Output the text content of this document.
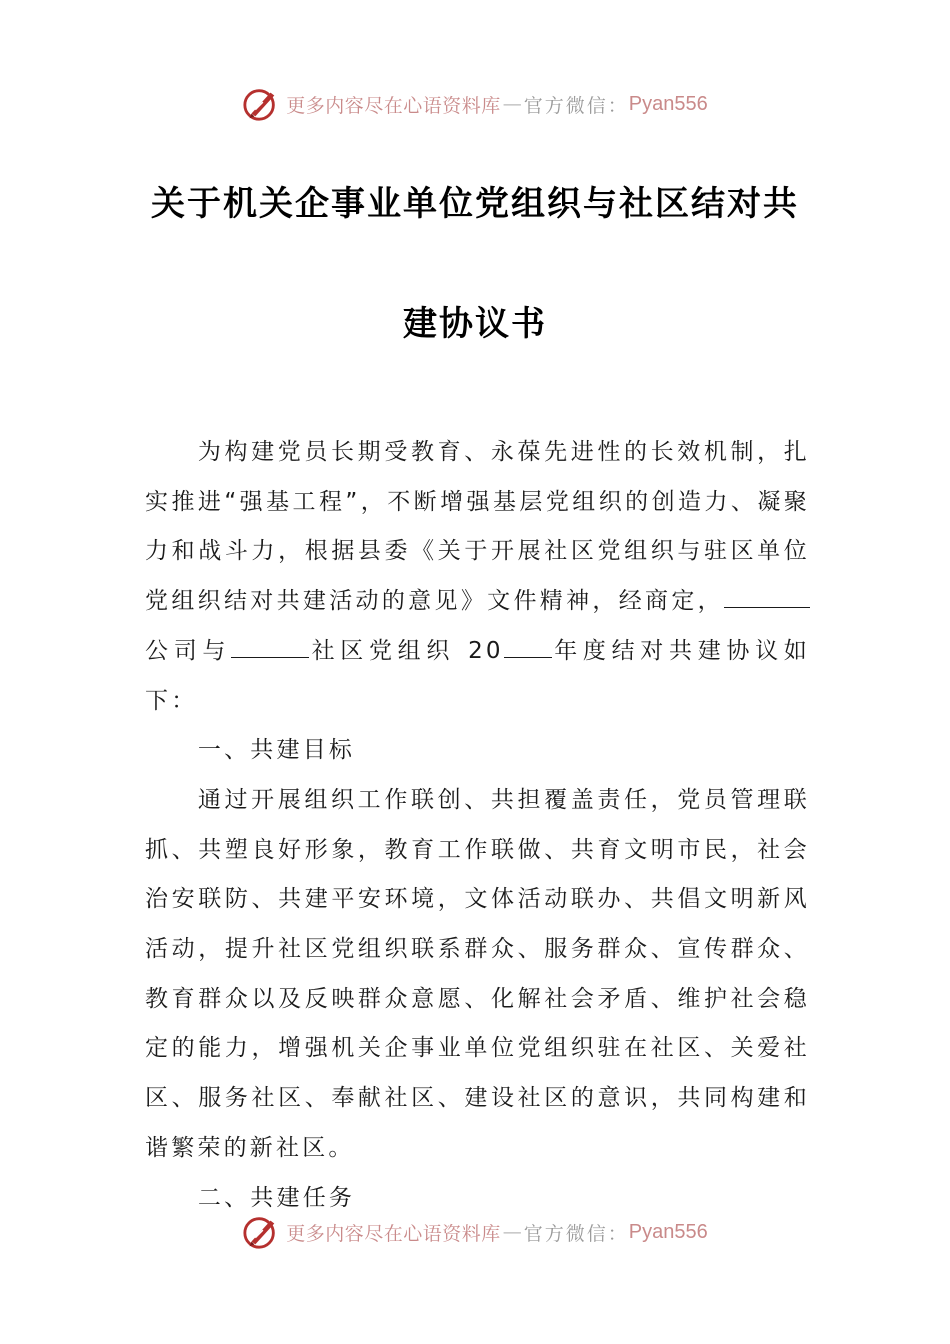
更多内容尽在心语资料库 — 官方微信： Pyan556
关于机关企事业单位党组织与社区结对共
建协议书

为构建党员长期受教育、永葆先进性的长效机制，扎实推进“强基工程”，不断增强基层党组织的创造力、凝聚力和战斗力，根据县委《关于开展社区党组织与驻区单位党组织结对共建活动的意见》文件精神，经商定，公司与	社区党组织 20 年度结对共建协议如下：

一、共建目标

通过开展组织工作联创、共担覆盖责任，党员管理联抓、共塑良好形象，教育工作联做、共育文明市民，社会治安联防、共建平安环境，文体活动联办、共倡文明新风活动，提升社区党组织联系群众、服务群众、宣传群众、教育群众以及反映群众意愿、化解社会矛盾、维护社会稳定的能力，增强机关企事业单位党组织驻在社区、关爱社区、服务社区、奉献社区、建设社区的意识，共同构建和谐繁荣的新社区。

二、共建任务

更多内容尽在心语资料库 — 官方微信： Pyan556
